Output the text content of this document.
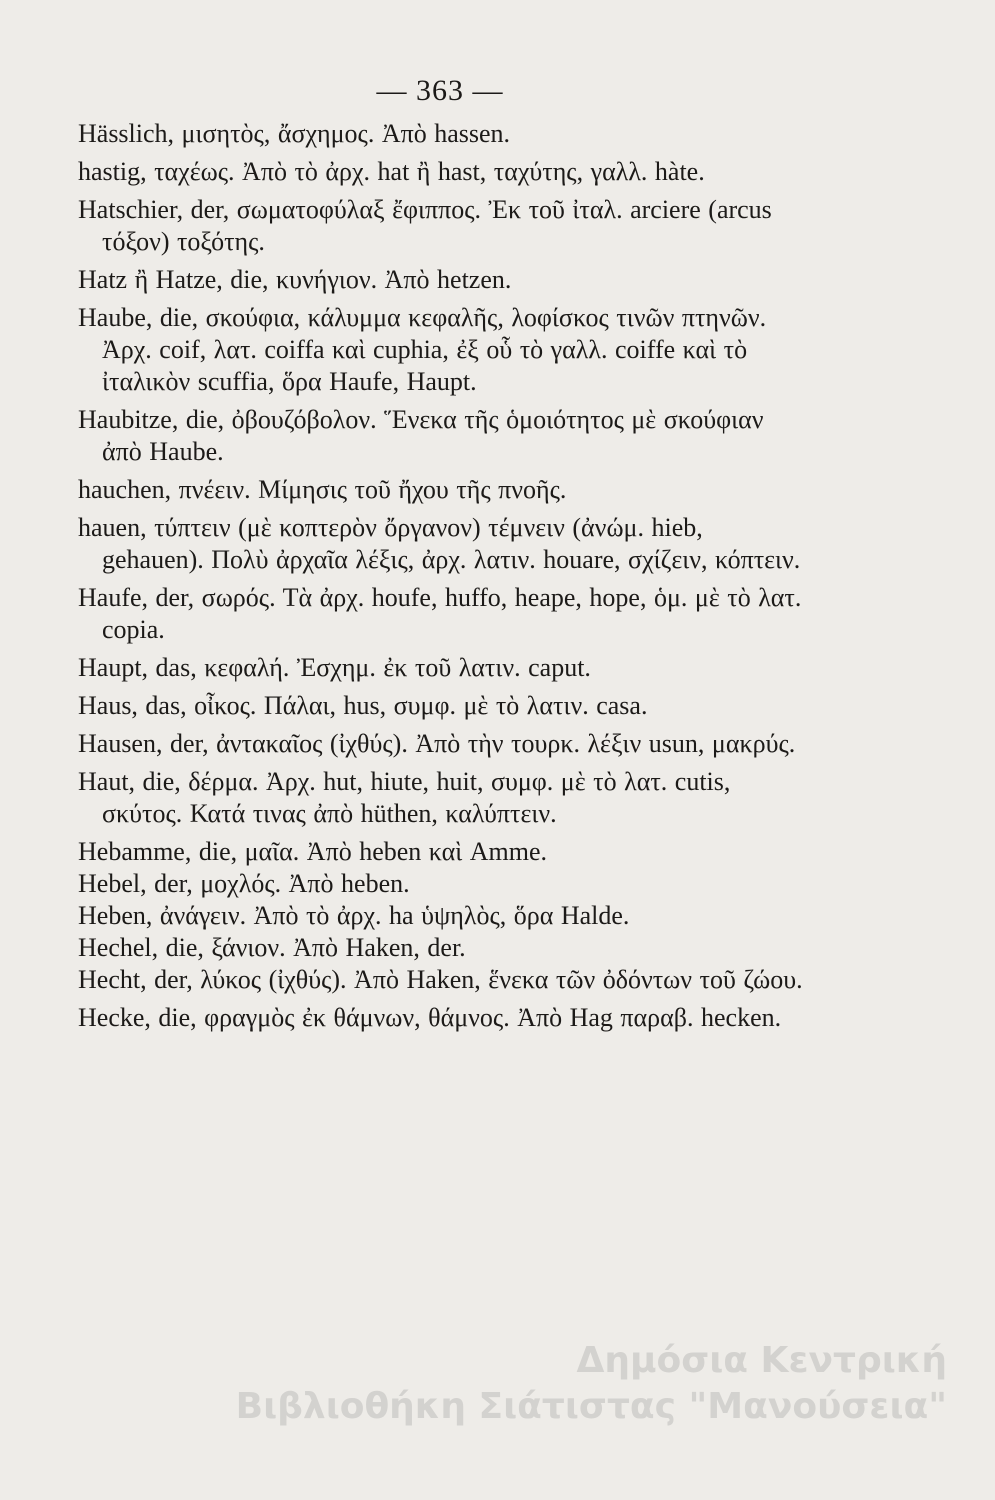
— 363 —
Hässlich, μισητὸς, ἄσχημος. Ἀπὸ hassen.
hastig, ταχέως. Ἀπὸ τὸ ἀρχ. hat ἢ hast, ταχύτης, γαλλ. hàte.
Hatschier, der, σωματοφύλαξ ἔφιππος. Ἐκ τοῦ ἰταλ. arciere (arcus τόξον) τοξότης.
Hatz ἢ Hatze, die, κυνήγιον. Ἀπὸ hetzen.
Haube, die, σκούφια, κάλυμμα κεφαλῆς, λοφίσκος τινῶν πτηνῶν. Ἀρχ. coif, λατ. coiffa καὶ cuphia, ἐξ οὗ τὸ γαλλ. coiffe καὶ τὸ ἰταλικὸν scuffia, ὅρα Haufe, Haupt.
Haubitze, die, ὀβουζόβολον. Ἕνεκα τῆς ὁμοιότητος μὲ σκούφιαν ἀπὸ Haube.
hauchen, πνέειν. Μίμησις τοῦ ἤχου τῆς πνοῆς.
hauen, τύπτειν (μὲ κοπτερὸν ὄργανον) τέμνειν (ἀνώμ. hieb, gehauen). Πολὺ ἀρχαῖα λέξις, ἀρχ. λατιν. houare, σχίζειν, κόπτειν.
Haufe, der, σωρός. Τὰ ἀρχ. houfe, huffo, heape, hope, ὁμ. μὲ τὸ λατ. copia.
Haupt, das, κεφαλή. Ἐσχημ. ἐκ τοῦ λατιν. caput.
Haus, das, οἶκος. Πάλαι, hus, συμφ. μὲ τὸ λατιν. casa.
Hausen, der, ἀντακαῖος (ἰχθύς). Ἀπὸ τὴν τουρκ. λέξιν usun, μακρύς.
Haut, die, δέρμα. Ἀρχ. hut, hiute, huit, συμφ. μὲ τὸ λατ. cutis, σκύτος. Κατά τινας ἀπὸ hüthen, καλύπτειν.
Hebamme, die, μαῖα. Ἀπὸ heben καὶ Amme.
Hebel, der, μοχλός. Ἀπὸ heben.
Heben, ἀνάγειν. Ἀπὸ τὸ ἀρχ. ha ὑψηλὸς, ὅρα Halde.
Hechel, die, ξάνιον. Ἀπὸ Haken, der.
Hecht, der, λύκος (ἰχθύς). Ἀπὸ Haken, ἕνεκα τῶν ὀδόντων τοῦ ζώου.
Hecke, die, φραγμὸς ἐκ θάμνων, θάμνος. Ἀπὸ Hag παραβ. hecken.
Δημόσια Κεντρική
Βιβλιοθήκη Σιάτιστας "Μανούσεια"
